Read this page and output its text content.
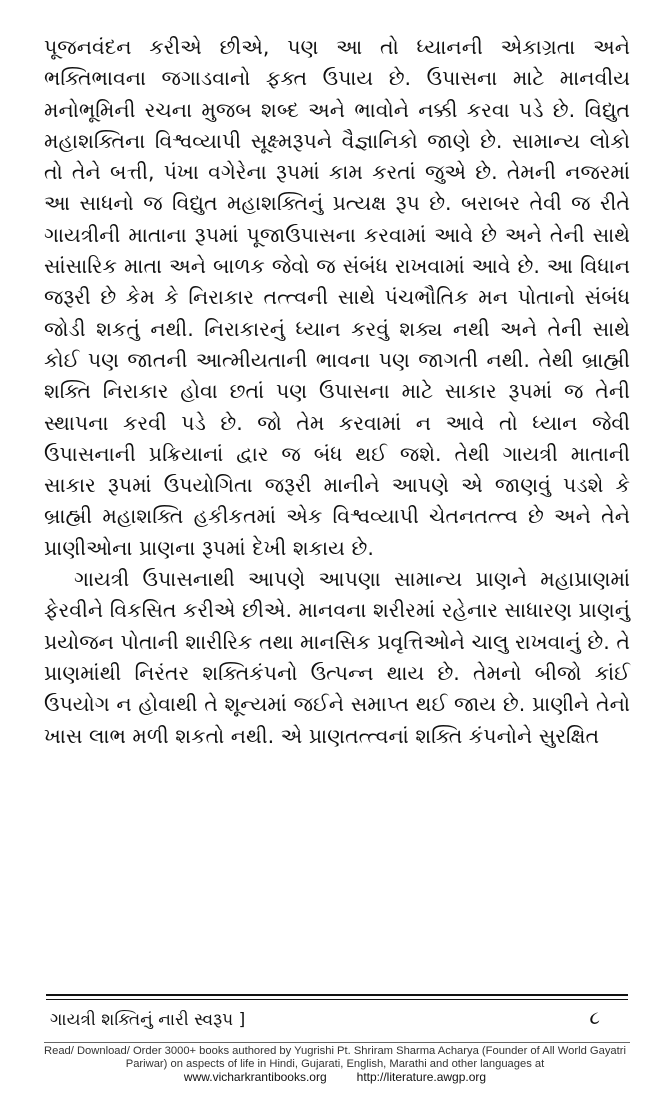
પૂજનવંદન કરીએ છીએ, પણ આ તો ધ્યાનની એકાગ્રતા અને ભક્તિભાવના જગાડવાનો ફક્ત ઉપાય છે. ઉપાસના માટે માનવીય મનોભૂમિની રચના મુજબ શબ્દ અને ભાવોને નક્કી કરવા પડે છે. વિદ્યુત મહાશક્તિના વિશ્વવ્યાપી સૂક્ષ્મરૂપને વૈજ્ઞાનિકો જાણે છે. સામાન્ય લોકો તો તેને બત્તી, પંખા વગેરેના રૂપમાં કામ કરતાં જુએ છે. તેમની નજરમાં આ સાધનો જ વિદ્યુત મહાશક્તિનું પ્રત્યક્ષ રૂપ છે. બરાબર તેવી જ રીતે ગાયત્રીની માતાના રૂપમાં પૂજાઉપાસના કરવામાં આવે છે અને તેની સાથે સાંસારિક માતા અને બાળક જેવો જ સંબંધ રાખવામાં આવે છે. આ વિધાન જરૂરી છે કેમ કે નિરાકાર તત્ત્વની સાથે પંચભૌતિક મન પોતાનો સંબંધ જોડી શકતું નથી. નિરાકારનું ધ્યાન કરવું શક્ય નથી અને તેની સાથે કોઈ પણ જાતની આત્મીયતાની ભાવના પણ જાગતી નથી. તેથી બ્રાહ્મી શક્તિ નિરાકાર હોવા છતાં પણ ઉપાસના માટે સાકાર રૂપમાં જ તેની સ્થાપના કરવી પડે છે. જો તેમ કરવામાં ન આવે તો ધ્યાન જેવી ઉપાસનાની પ્રક્રિયાનાં દ્વાર જ બંધ થઈ જશે. તેથી ગાયત્રી માતાની સાકાર રૂપમાં ઉપયોગિતા જરૂરી માનીને આપણે એ જાણવું પડશે કે બ્રાહ્મી મહાશક્તિ હકીકતમાં એક વિશ્વવ્યાપી ચેતનતત્ત્વ છે અને તેને પ્રાણીઓના પ્રાણના રૂપમાં દેખી શકાય છે.

ગાયત્રી ઉપાસનાથી આપણે આપણા સામાન્ય પ્રાણને મહાપ્રાણમાં ફેરવીને વિકસિત કરીએ છીએ. માનવના શરીરમાં રહેનાર સાધારણ પ્રાણનું પ્રયોજન પોતાની શારીરિક તથા માનસિક પ્રવૃત્તિઓને ચાલુ રાખવાનું છે. તે પ્રાણમાંથી નિરંતર શક્તિકંપનો ઉત્પન્ન થાય છે. તેમનો બીજો કાંઈ ઉપયોગ ન હોવાથી તે શૂન્યમાં જઈને સમાપ્ત થઈ જાય છે. પ્રાણીને તેનો ખાસ લાભ મળી શકતો નથી. એ પ્રાણતત્ત્વનાં શક્તિ કંપનોને સુરક્ષિત

ગાયત્રી શક્તિનું નારી સ્વરૂપ ]	૮
Read/ Download/ Order 3000+ books authored by Yugrishi Pt. Shriram Sharma Acharya (Founder of All World Gayatri Pariwar) on aspects of life in Hindi, Gujarati, English, Marathi and other languages at
www.vicharkrantibooks.org	http://literature.awgp.org
